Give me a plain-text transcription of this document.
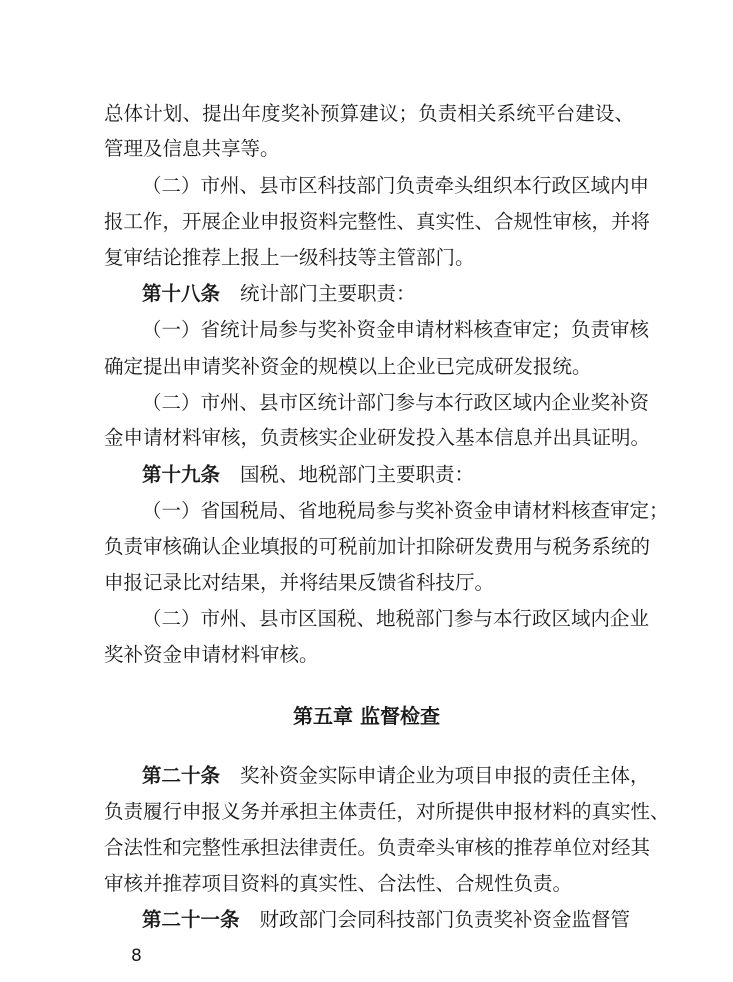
总体计划、提出年度奖补预算建议；负责相关系统平台建设、
管理及信息共享等。
（二）市州、县市区科技部门负责牵头组织本行政区域内申
报工作，开展企业申报资料完整性、真实性、合规性审核，并将
复审结论推荐上报上一级科技等主管部门。
第十八条 统计部门主要职责：
（一）省统计局参与奖补资金申请材料核查审定；负责审核
确定提出申请奖补资金的规模以上企业已完成研发报统。
（二）市州、县市区统计部门参与本行政区域内企业奖补资
金申请材料审核，负责核实企业研发投入基本信息并出具证明。
第十九条 国税、地税部门主要职责：
（一）省国税局、省地税局参与奖补资金申请材料核查审定；
负责审核确认企业填报的可税前加计扣除研发费用与税务系统的
申报记录比对结果，并将结果反馈省科技厅。
（二）市州、县市区国税、地税部门参与本行政区域内企业
奖补资金申请材料审核。
第五章 监督检查
第二十条 奖补资金实际申请企业为项目申报的责任主体，
负责履行申报义务并承担主体责任，对所提供申报材料的真实性、
合法性和完整性承担法律责任。负责牵头审核的推荐单位对经其
审核并推荐项目资料的真实性、合法性、合规性负责。
第二十一条 财政部门会同科技部门负责奖补资金监督管
8
